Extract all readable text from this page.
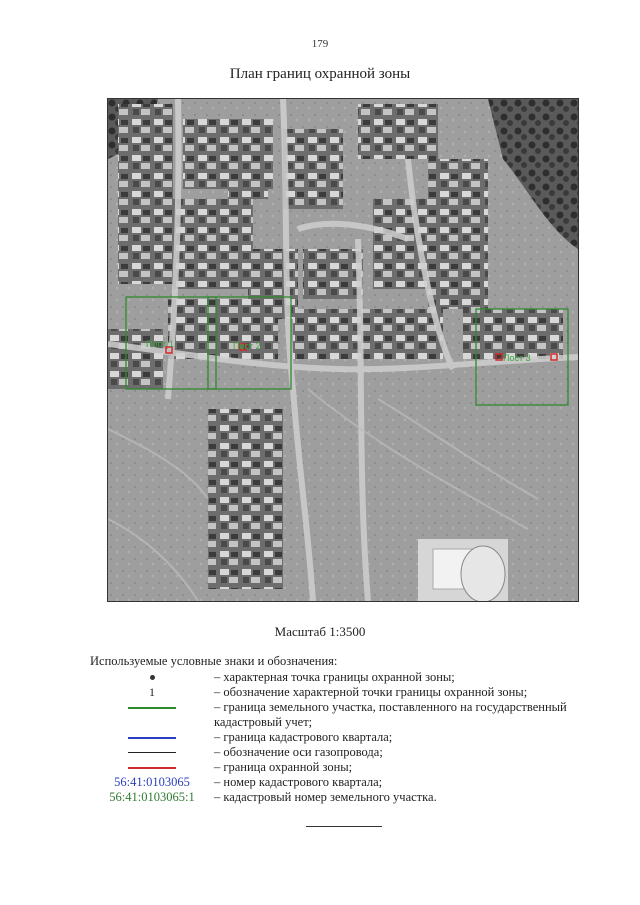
179
План границ охранной зоны
Пост 1	Пост 2
Пост 3
Масштаб 1:3500
Используемые условные знаки и обозначения:
– характерная точка границы охранной зоны;
1	– обозначение характерной точки границы охранной зоны;
– граница земельного участка, поставленного на государственный кадастровый учет;
– граница кадастрового квартала;
– обозначение оси газопровода;
– граница охранной зоны;
56:41:0103065 – номер кадастрового квартала;
56:41:0103065:1 – кадастровый номер земельного участка.
